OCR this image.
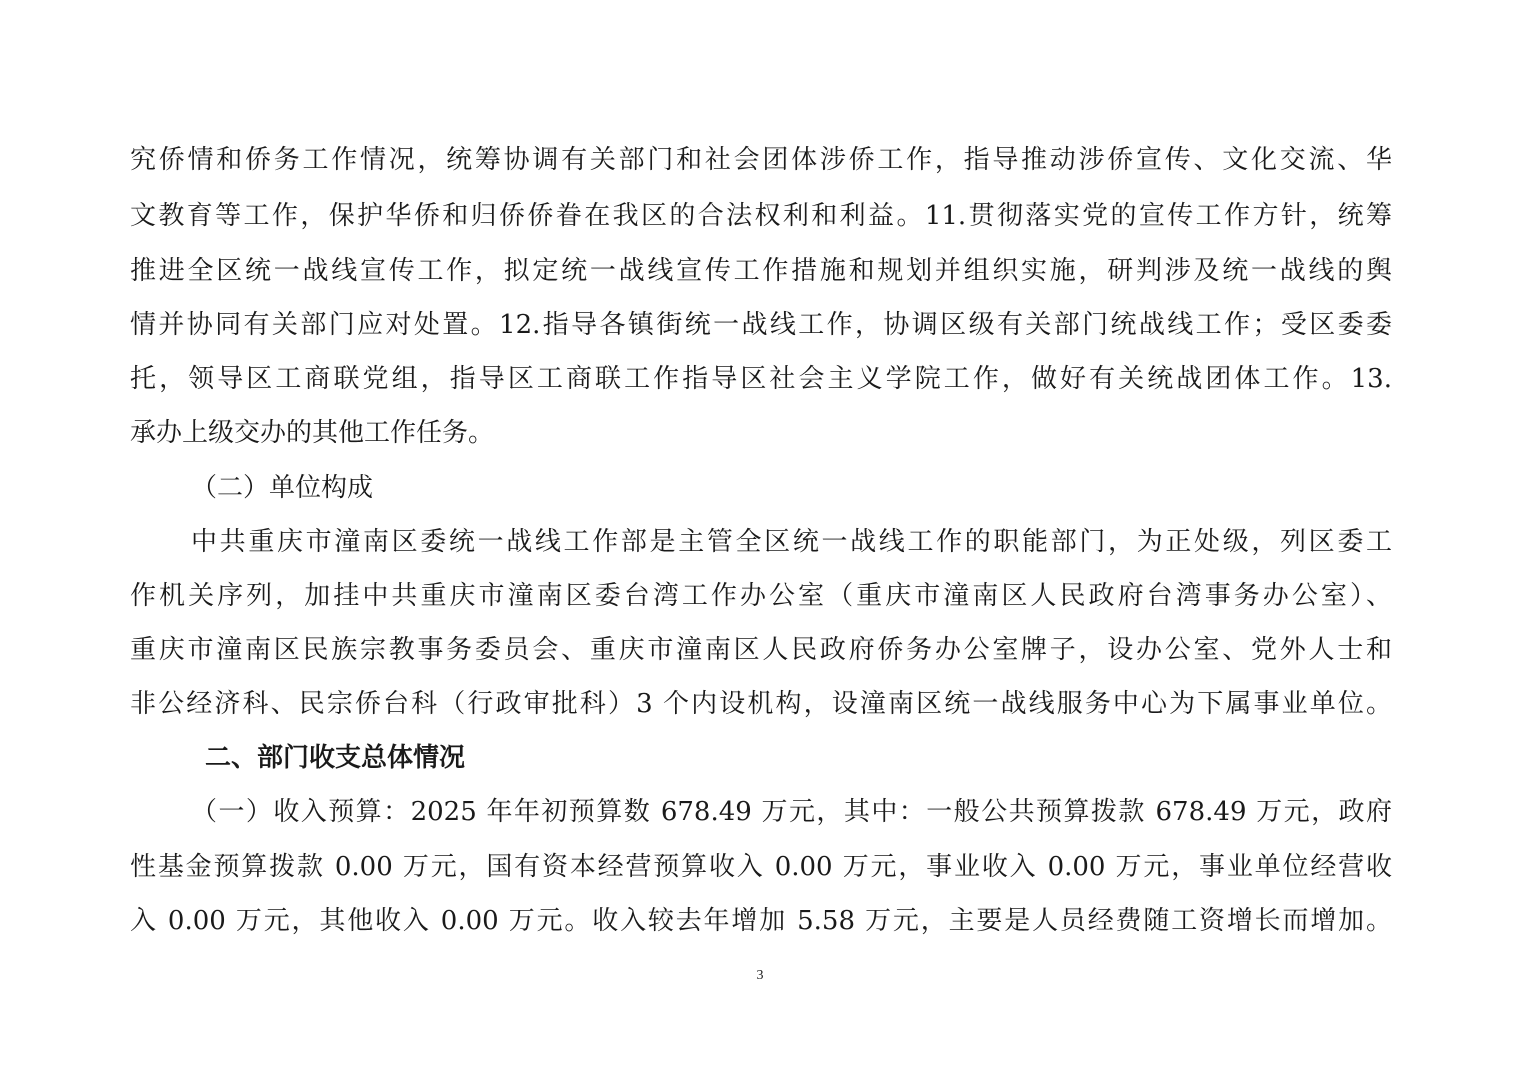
究侨情和侨务工作情况，统筹协调有关部门和社会团体涉侨工作，指导推动涉侨宣传、文化交流、华
文教育等工作，保护华侨和归侨侨眷在我区的合法权利和利益。11.贯彻落实党的宣传工作方针，统筹
推进全区统一战线宣传工作，拟定统一战线宣传工作措施和规划并组织实施，研判涉及统一战线的舆
情并协同有关部门应对处置。12.指导各镇街统一战线工作，协调区级有关部门统战线工作；受区委委
托，领导区工商联党组，指导区工商联工作指导区社会主义学院工作，做好有关统战团体工作。13.
承办上级交办的其他工作任务。
（二）单位构成
中共重庆市潼南区委统一战线工作部是主管全区统一战线工作的职能部门，为正处级，列区委工
作机关序列，加挂中共重庆市潼南区委台湾工作办公室（重庆市潼南区人民政府台湾事务办公室）、
重庆市潼南区民族宗教事务委员会、重庆市潼南区人民政府侨务办公室牌子，设办公室、党外人士和
非公经济科、民宗侨台科（行政审批科）3 个内设机构，设潼南区统一战线服务中心为下属事业单位。
二、部门收支总体情况
（一）收入预算：2025 年年初预算数 678.49 万元，其中：一般公共预算拨款 678.49 万元，政府
性基金预算拨款 0.00 万元，国有资本经营预算收入 0.00 万元，事业收入 0.00 万元，事业单位经营收
入 0.00 万元，其他收入 0.00 万元。收入较去年增加 5.58 万元，主要是人员经费随工资增长而增加。
3
